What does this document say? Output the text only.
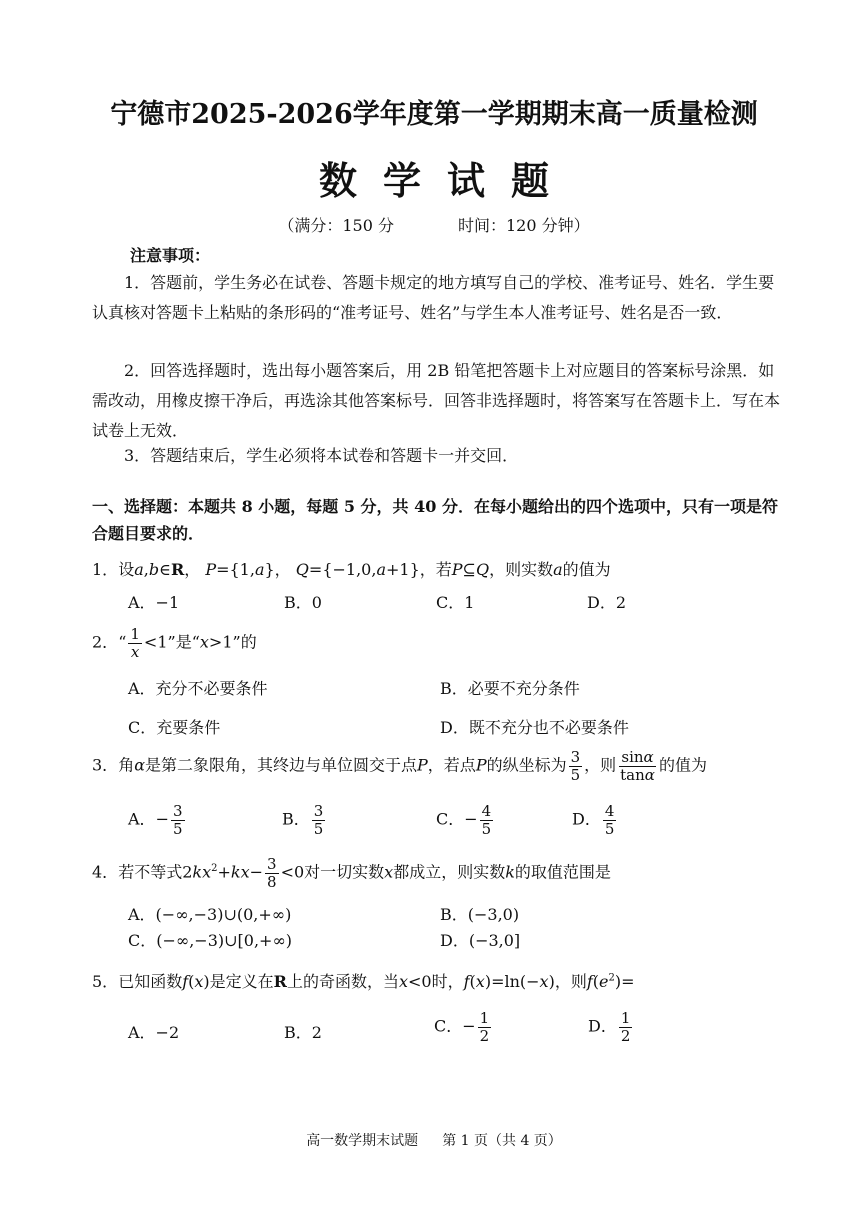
宁德市2025-2026学年度第一学期期末高一质量检测
数学试题
（满分：150 分	时间：120 分钟）
注意事项：
1．答题前，学生务必在试卷、答题卡规定的地方填写自己的学校、准考证号、姓名．学生要认真核对答题卡上粘贴的条形码的“准考证号、姓名”与学生本人准考证号、姓名是否一致．
2．回答选择题时，选出每小题答案后，用 2B 铅笔把答题卡上对应题目的答案标号涂黑．如需改动，用橡皮擦干净后，再选涂其他答案标号．回答非选择题时，将答案写在答题卡上．写在本试卷上无效．
3．答题结束后，学生必须将本试卷和答题卡一并交回．
一、选择题：本题共 8 小题，每题 5 分，共 40 分．在每小题给出的四个选项中，只有一项是符合题目要求的．
1．设a,b∈R， P={1,a}， Q={−1,0,a+1}，若P⊆Q，则实数a的值为
A．−1	B．0	C．1	D．2
2．“ $\frac{1}{x} <1$”是“x>1”的
A．充分不必要条件	B．必要不充分条件
C．充要条件	D．既不充分也不必要条件
3．角α是第二象限角，其终边与单位圆交于点P，若点P的纵坐标为 $\frac{3}{5}$ ，则 $\frac{\sin\alpha}{\tan\alpha}$ 的值为
A．− $\frac{3}{5}$	B． $\frac{3}{5}$	C．− $\frac{4}{5}$	D． $\frac{4}{5}$
4．若不等式$2kx^2+kx- \frac{3}{8} <0$对一切实数x都成立，则实数k的取值范围是
A．(−∞,−3)∪(0,+∞)	B．(−3,0)
C．(−∞,−3)∪[0,+∞)	D．(−3,0]
5．已知函数f(x)是定义在R上的奇函数，当x<0时，f(x)=ln(−x)，则$f(e^2)=$
A．−2	B．2	C．− $\frac{1}{2}$	D． $\frac{1}{2}$
高一数学期末试题 第 1 页（共 4 页）
